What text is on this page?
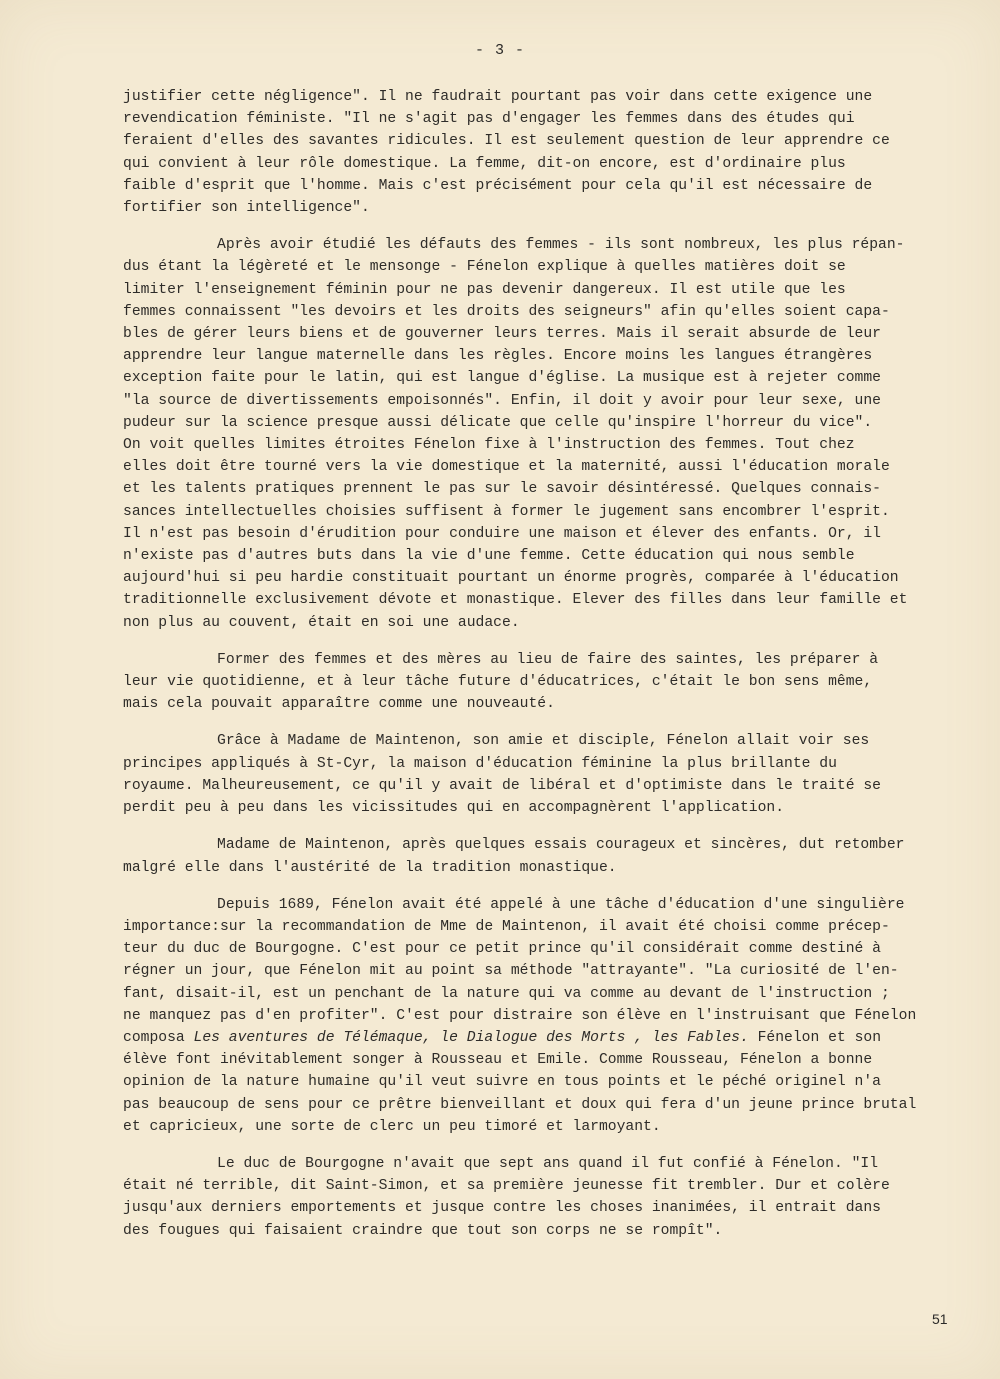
- 3 -

justifier cette négligence". Il ne faudrait pourtant pas voir dans cette exigence une
revendication féministe. "Il ne s'agit pas d'engager les femmes dans des études qui
feraient d'elles des savantes ridicules. Il est seulement question de leur apprendre ce
qui convient à leur rôle domestique. La femme, dit-on encore, est d'ordinaire plus
faible d'esprit que l'homme. Mais c'est précisément pour cela qu'il est nécessaire de
fortifier son intelligence".

Après avoir étudié les défauts des femmes - ils sont nombreux, les plus répan-
dus étant la légèreté et le mensonge - Fénelon explique à quelles matières doit se
limiter l'enseignement féminin pour ne pas devenir dangereux. Il est utile que les
femmes connaissent "les devoirs et les droits des seigneurs" afin qu'elles soient capa-
bles de gérer leurs biens et de gouverner leurs terres. Mais il serait absurde de leur
apprendre leur langue maternelle dans les règles. Encore moins les langues étrangères
exception faite pour le latin, qui est langue d'église. La musique est à rejeter comme
"la source de divertissements empoisonnés". Enfin, il doit y avoir pour leur sexe, une
pudeur sur la science presque aussi délicate que celle qu'inspire l'horreur du vice".
On voit quelles limites étroites Fénelon fixe à l'instruction des femmes. Tout chez
elles doit être tourné vers la vie domestique et la maternité, aussi l'éducation morale
et les talents pratiques prennent le pas sur le savoir désintéressé. Quelques connais-
sances intellectuelles choisies suffisent à former le jugement sans encombrer l'esprit.
Il n'est pas besoin d'érudition pour conduire une maison et élever des enfants. Or, il
n'existe pas d'autres buts dans la vie d'une femme. Cette éducation qui nous semble
aujourd'hui si peu hardie constituait pourtant un énorme progrès, comparée à l'éducation
traditionnelle exclusivement dévote et monastique. Elever des filles dans leur famille et
non plus au couvent, était en soi une audace.

Former des femmes et des mères au lieu de faire des saintes, les préparer à
leur vie quotidienne, et à leur tâche future d'éducatrices, c'était le bon sens même,
mais cela pouvait apparaître comme une nouveauté.

Grâce à Madame de Maintenon, son amie et disciple, Fénelon allait voir ses
principes appliqués à St-Cyr, la maison d'éducation féminine la plus brillante du
royaume. Malheureusement, ce qu'il y avait de libéral et d'optimiste dans le traité se
perdit peu à peu dans les vicissitudes qui en accompagnèrent l'application.

Madame de Maintenon, après quelques essais courageux et sincères, dut retomber
malgré elle dans l'austérité de la tradition monastique.

Depuis 1689, Fénelon avait été appelé à une tâche d'éducation d'une singulière
importance:sur la recommandation de Mme de Maintenon, il avait été choisi comme précep-
teur du duc de Bourgogne. C'est pour ce petit prince qu'il considérait comme destiné à
régner un jour, que Fénelon mit au point sa méthode "attrayante". "La curiosité de l'en-
fant, disait-il, est un penchant de la nature qui va comme au devant de l'instruction ;
ne manquez pas d'en profiter". C'est pour distraire son élève en l'instruisant que Fénelon
composa Les aventures de Télémaque, le Dialogue des Morts , les Fables. Fénelon et son
élève font inévitablement songer à Rousseau et Emile. Comme Rousseau, Fénelon a bonne
opinion de la nature humaine qu'il veut suivre en tous points et le péché originel n'a
pas beaucoup de sens pour ce prêtre bienveillant et doux qui fera d'un jeune prince brutal
et capricieux, une sorte de clerc un peu timoré et larmoyant.

Le duc de Bourgogne n'avait que sept ans quand il fut confié à Fénelon. "Il
était né terrible, dit Saint-Simon, et sa première jeunesse fit trembler. Dur et colère
jusqu'aux derniers emportements et jusque contre les choses inanimées, il entrait dans
des fougues qui faisaient craindre que tout son corps ne se rompît".

51
